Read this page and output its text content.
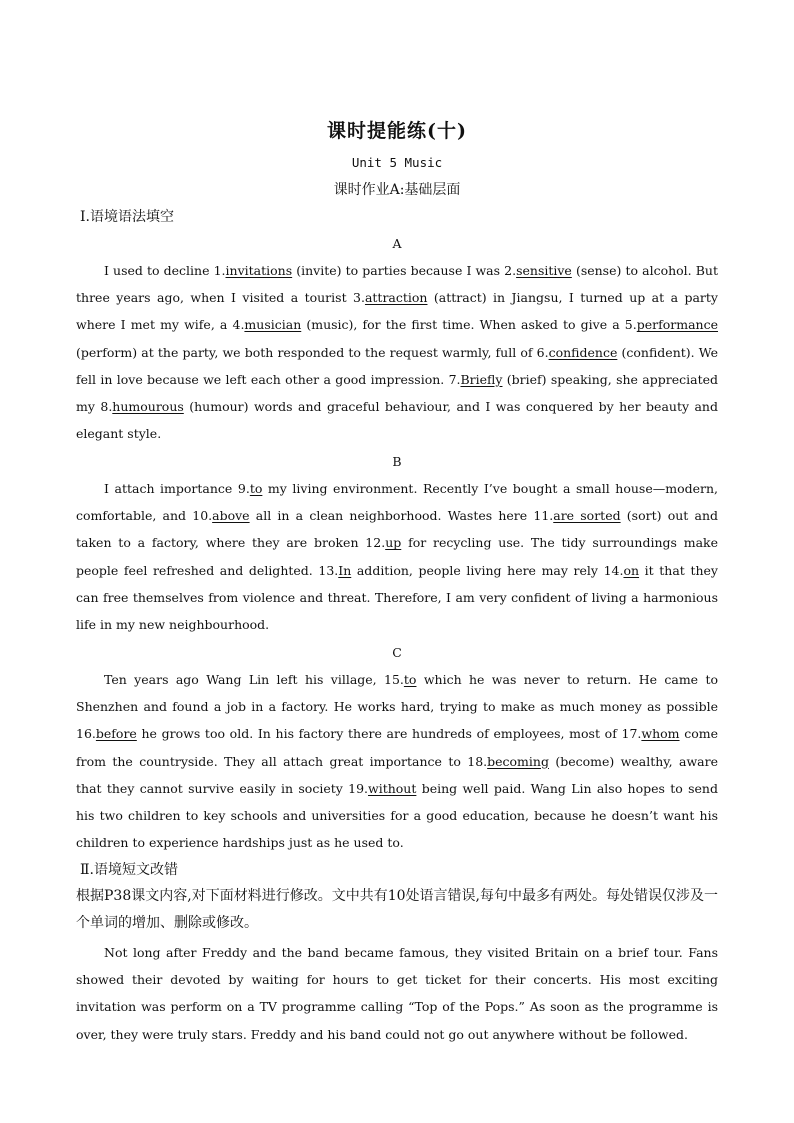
课时提能练(十)
Unit 5 Music
课时作业A:基础层面
Ⅰ.语境语法填空
A

I used to decline 1.invitations (invite) to parties because I was 2.sensitive (sense) to alcohol. But three years ago, when I visited a tourist 3.attraction (attract) in Jiangsu, I turned up at a party where I met my wife, a 4.musician (music), for the first time. When asked to give a 5.performance (perform) at the party, we both responded to the request warmly, full of 6.confidence (confident). We fell in love because we left each other a good impression. 7.Briefly (brief) speaking, she appreciated my 8.humourous (humour) words and graceful behaviour, and I was conquered by her beauty and elegant style.

B

I attach importance 9.to my living environment. Recently I’ve bought a small house—modern, comfortable, and 10.above all in a clean neighborhood. Wastes here 11.are sorted (sort) out and taken to a factory, where they are broken 12.up for recycling use. The tidy surroundings make people feel refreshed and delighted. 13.In addition, people living here may rely 14.on it that they can free themselves from violence and threat. Therefore, I am very confident of living a harmonious life in my new neighbourhood.

C

Ten years ago Wang Lin left his village, 15.to which he was never to return. He came to Shenzhen and found a job in a factory. He works hard, trying to make as much money as possible 16.before he grows too old. In his factory there are hundreds of employees, most of 17.whom come from the countryside. They all attach great importance to 18.becoming (become) wealthy, aware that they cannot survive easily in society 19.without being well paid. Wang Lin also hopes to send his two children to key schools and universities for a good education, because he doesn’t want his children to experience hardships just as he used to.

Ⅱ.语境短文改错

根据P38课文内容,对下面材料进行修改。文中共有10处语言错误,每句中最多有两处。每处错误仅涉及一个单词的增加、删除或修改。

Not long after Freddy and the band became famous, they visited Britain on a brief tour. Fans showed their devoted by waiting for hours to get ticket for their concerts. His most exciting invitation was perform on a TV programme calling “Top of the Pops.” As soon as the programme is over, they were truly stars. Freddy and his band could not go out anywhere without be followed.
